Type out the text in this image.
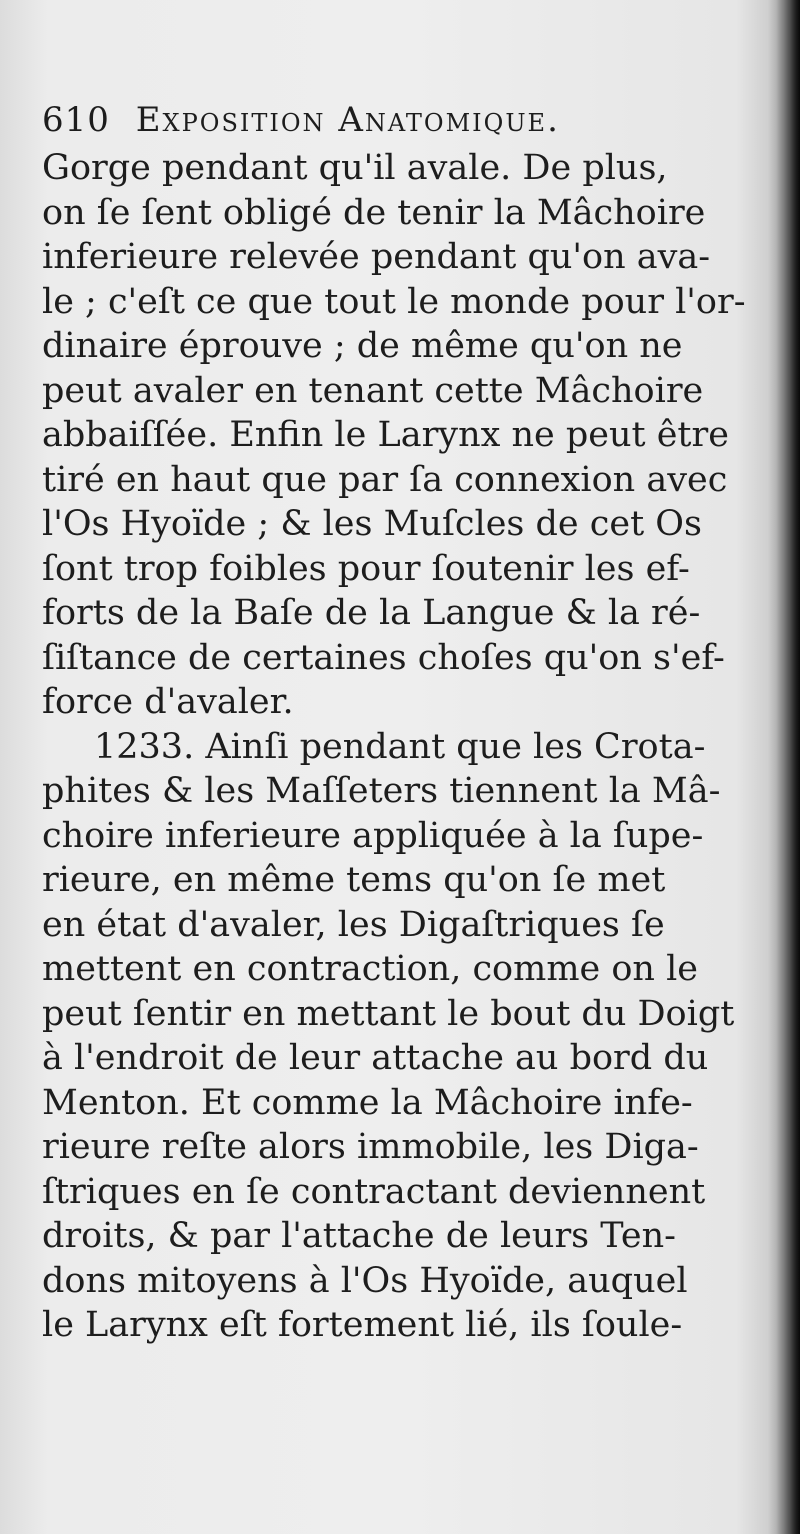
610 Exposition Anatomique.
Gorge pendant qu'il avale. De plus,
on ſe ſent obligé de tenir la Mâchoire
inferieure relevée pendant qu'on ava-
le ; c'eſt ce que tout le monde pour l'or-
dinaire éprouve ; de même qu'on ne
peut avaler en tenant cette Mâchoire
abbaiſſée. Enfin le Larynx ne peut être
tiré en haut que par ſa connexion avec
l'Os Hyoïde ; & les Muſcles de cet Os
ſont trop foibles pour ſoutenir les ef-
forts de la Baſe de la Langue & la ré-
ſiſtance de certaines choſes qu'on s'ef-
force d'avaler.
1233. Ainſi pendant que les Crota-
phites & les Maſſeters tiennent la Mâ-
choire inferieure appliquée à la ſupe-
rieure, en même tems qu'on ſe met
en état d'avaler, les Digaſtriques ſe
mettent en contraction, comme on le
peut ſentir en mettant le bout du Doigt
à l'endroit de leur attache au bord du
Menton. Et comme la Mâchoire infe-
rieure reſte alors immobile, les Diga-
ſtriques en ſe contractant deviennent
droits, & par l'attache de leurs Ten-
dons mitoyens à l'Os Hyoïde, auquel
le Larynx eſt fortement lié, ils ſoule-
